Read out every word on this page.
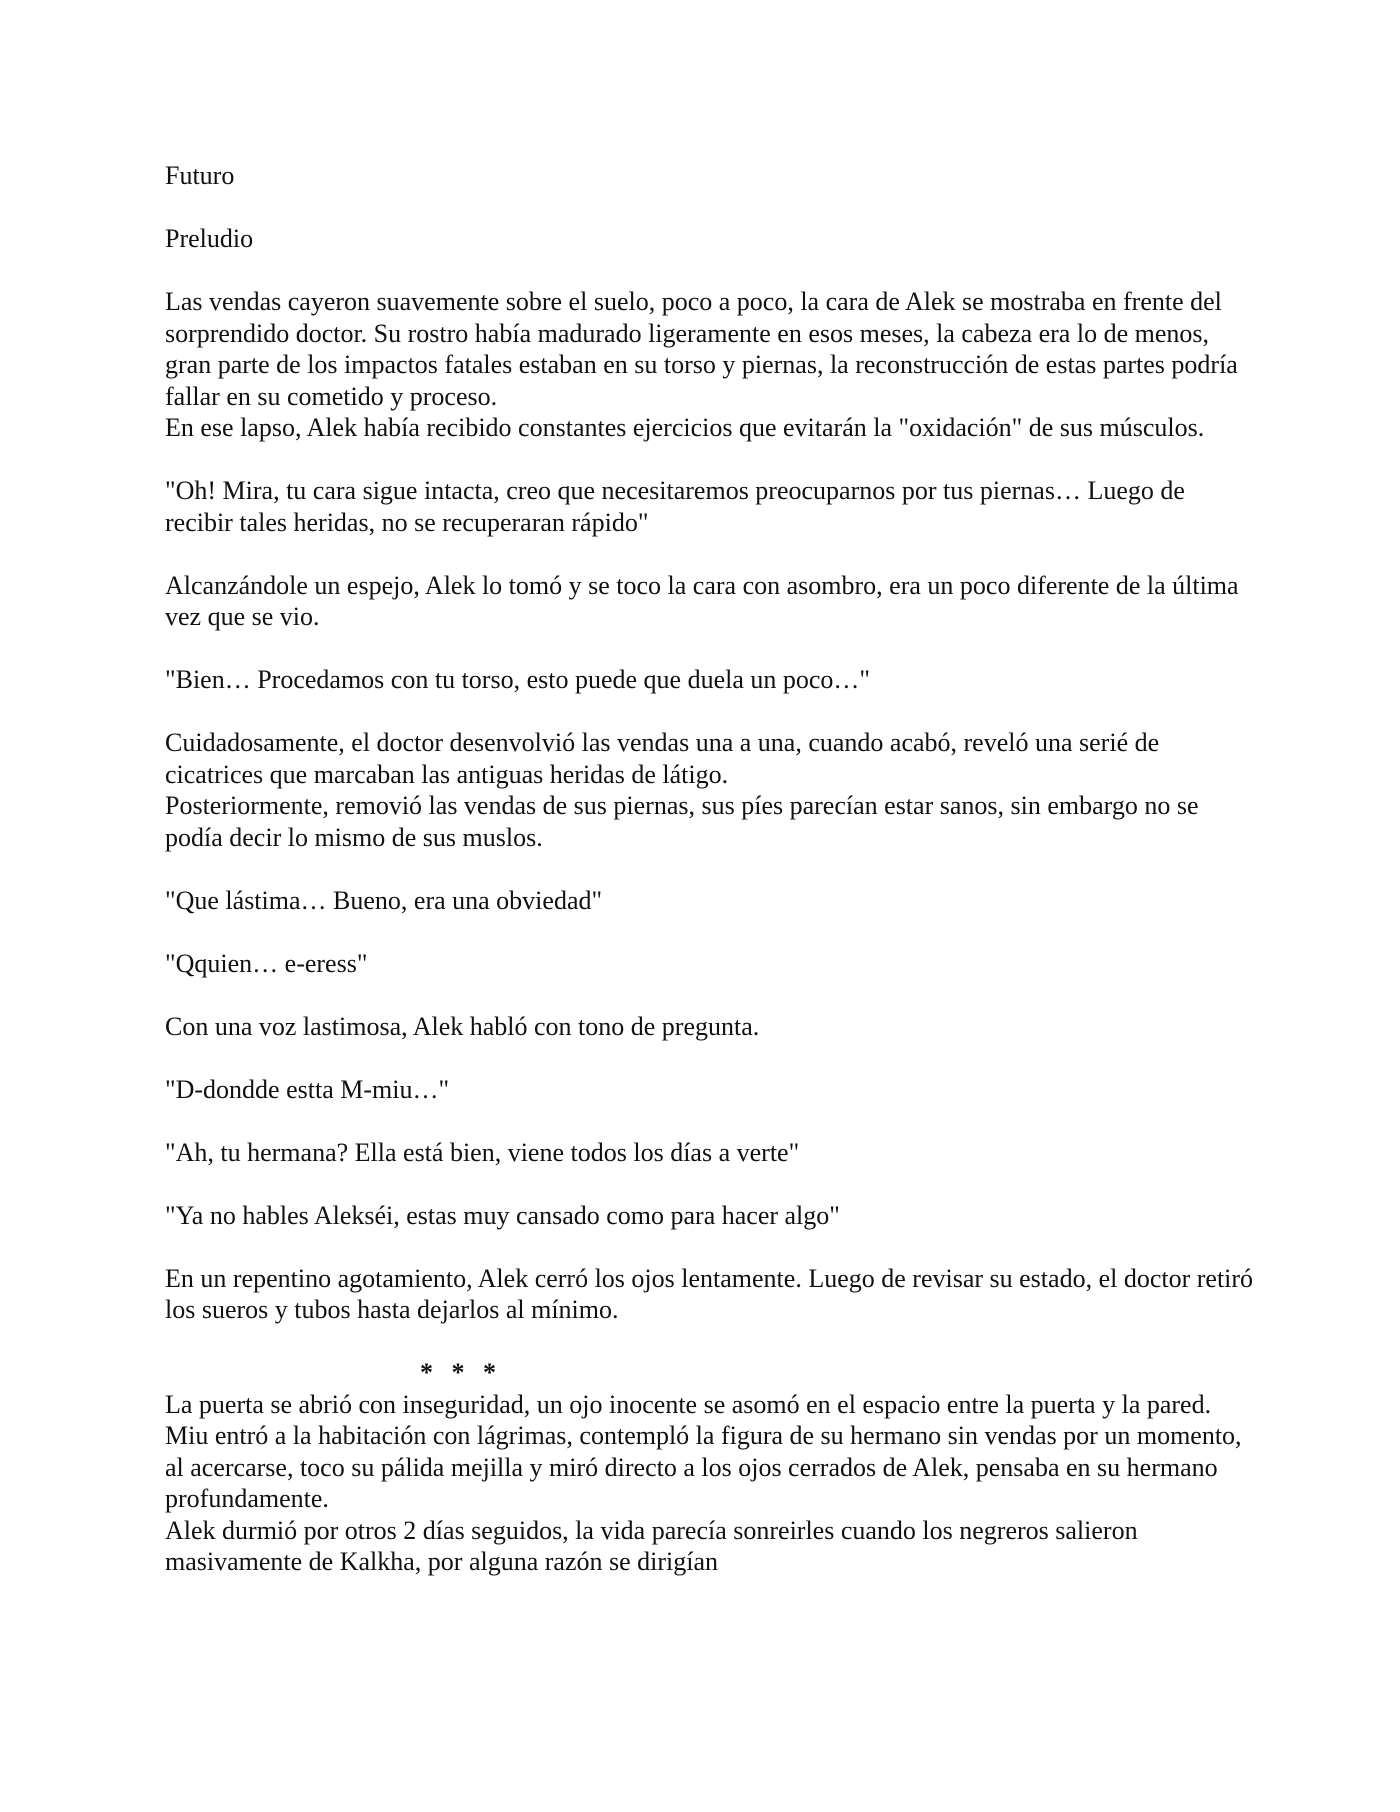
Futuro

Preludio

Las vendas cayeron suavemente sobre el suelo, poco a poco, la cara de Alek se mostraba en frente del sorprendido doctor. Su rostro había madurado ligeramente en esos meses, la cabeza era lo de menos, gran parte de los impactos fatales estaban en su torso y piernas, la reconstrucción de estas partes podría fallar en su cometido y proceso.

En ese lapso, Alek había recibido constantes ejercicios que evitarán la "oxidación" de sus músculos.

"Oh! Mira, tu cara sigue intacta, creo que necesitaremos preocuparnos por tus piernas… Luego de recibir tales heridas, no se recuperaran rápido"

Alcanzándole un espejo, Alek lo tomó y se toco la cara con asombro, era un poco diferente de la última vez que se vio.

"Bien… Procedamos con tu torso, esto puede que duela un poco…"

Cuidadosamente, el doctor desenvolvió las vendas una a una, cuando acabó, reveló una serié de cicatrices que marcaban las antiguas heridas de látigo.

Posteriormente, removió las vendas de sus piernas, sus píes parecían estar sanos, sin embargo no se podía decir lo mismo de sus muslos.

"Que lástima… Bueno, era una obviedad"

"Qquien… e-eress"

Con una voz lastimosa, Alek habló con tono de pregunta.

"D-dondde estta M-miu…"

"Ah, tu hermana? Ella está bien, viene todos los días a verte"

"Ya no hables Alekséi, estas muy cansado como para hacer algo"

En un repentino agotamiento, Alek cerró los ojos lentamente. Luego de revisar su estado, el doctor retiró los sueros y tubos hasta dejarlos al mínimo.

* * *

La puerta se abrió con inseguridad, un ojo inocente se asomó en el espacio entre la puerta y la pared. Miu entró a la habitación con lágrimas, contempló la figura de su hermano sin vendas por un momento, al acercarse, toco su pálida mejilla y miró directo a los ojos cerrados de Alek, pensaba en su hermano profundamente.

Alek durmió por otros 2 días seguidos, la vida parecía sonreirles cuando los negreros salieron masivamente de Kalkha, por alguna razón se dirigían
